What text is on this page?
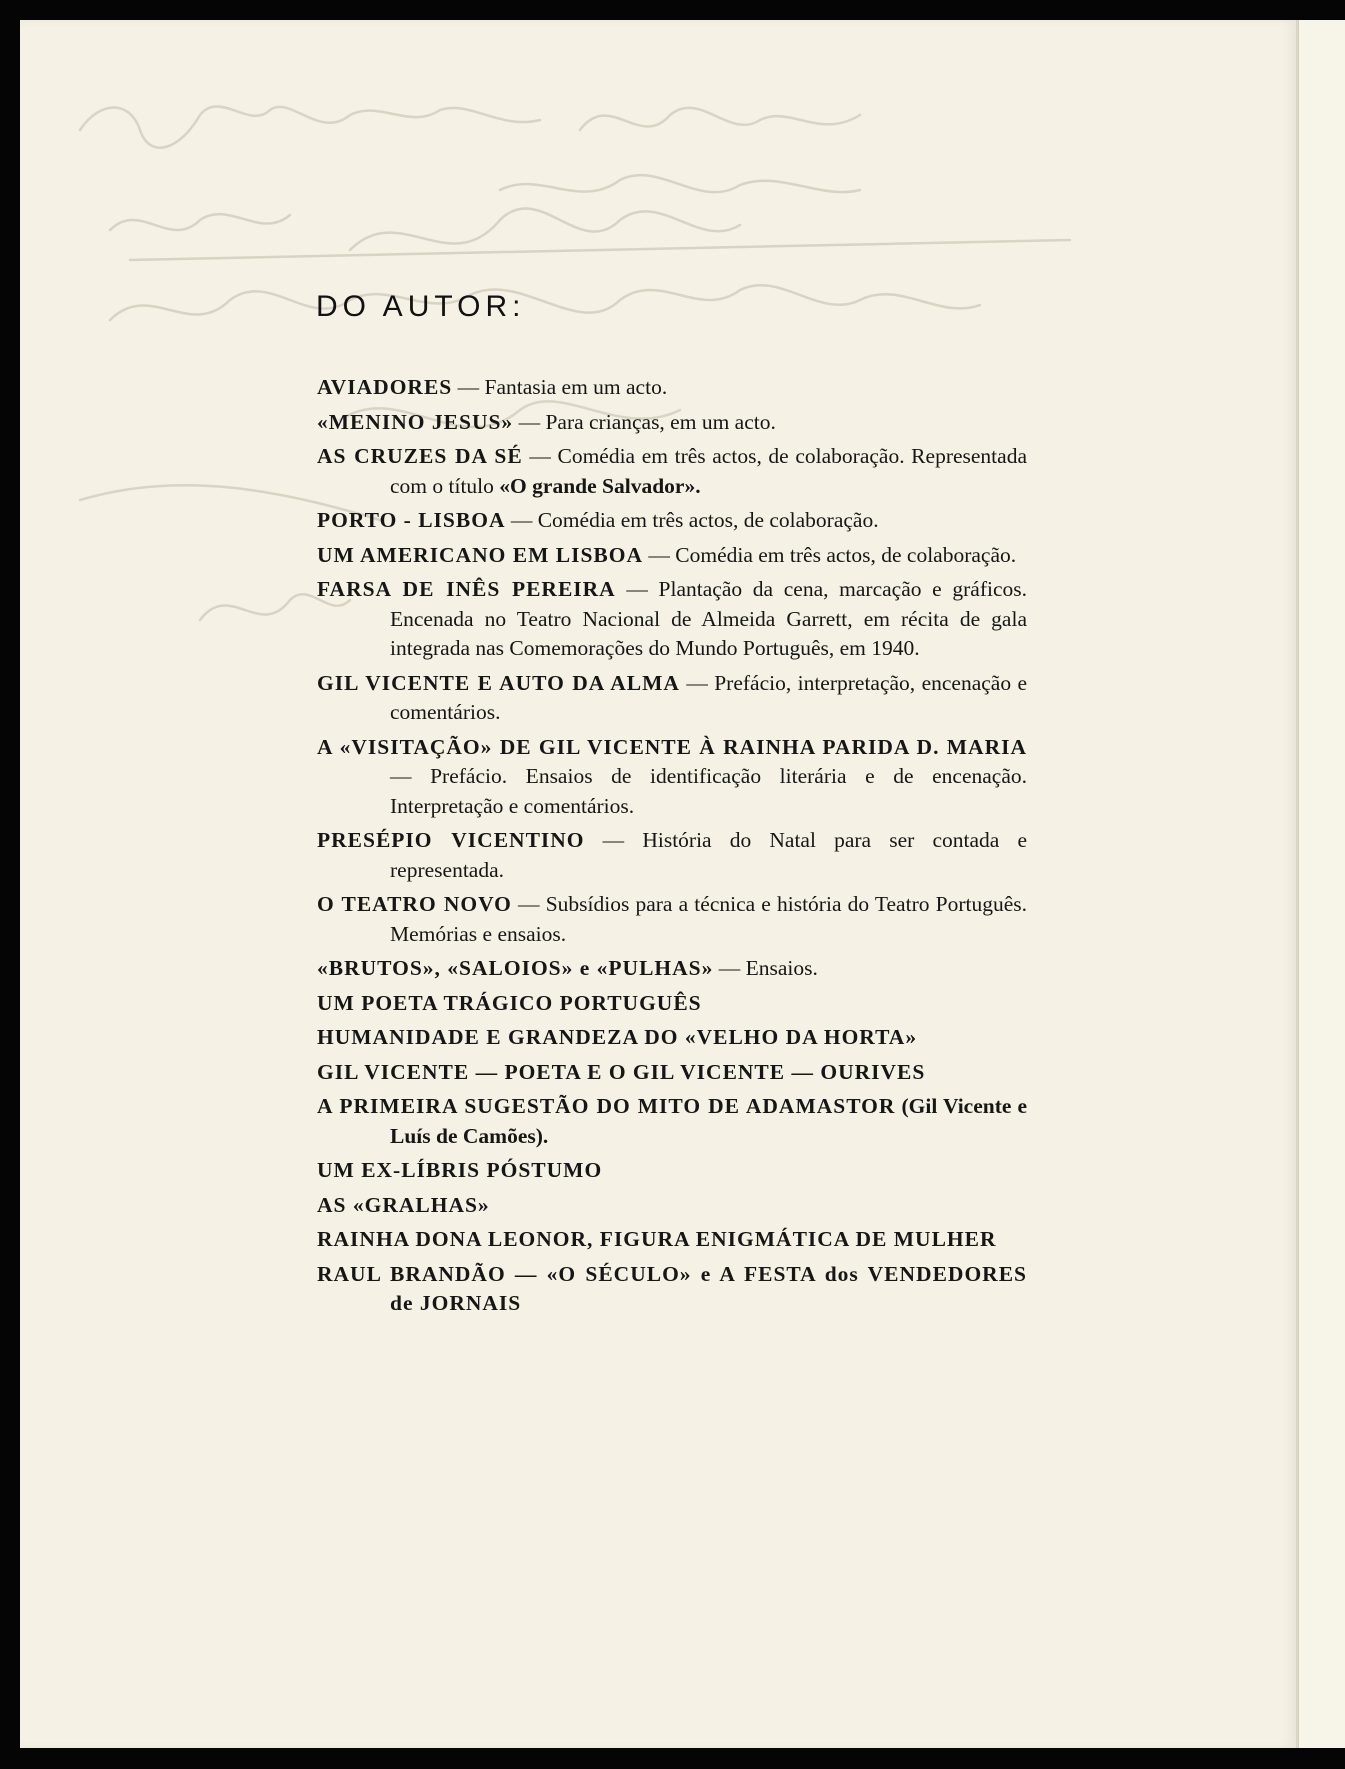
DO AUTOR:
AVIADORES — Fantasia em um acto.
«MENINO JESUS» — Para crianças, em um acto.
AS CRUZES DA SÉ — Comédia em três actos, de colaboração. Representada com o título «O grande Salvador».
PORTO - LISBOA — Comédia em três actos, de colaboração.
UM AMERICANO EM LISBOA — Comédia em três actos, de colaboração.
FARSA DE INÊS PEREIRA — Plantação da cena, marcação e gráficos. Encenada no Teatro Nacional de Almeida Garrett, em récita de gala integrada nas Comemorações do Mundo Português, em 1940.
GIL VICENTE E AUTO DA ALMA — Prefácio, interpretação, encenação e comentários.
A «VISITAÇÃO» DE GIL VICENTE À RAINHA PARIDA D. MARIA — Prefácio. Ensaios de identificação literária e de encenação. Interpretação e comentários.
PRESÉPIO VICENTINO — História do Natal para ser contada e representada.
O TEATRO NOVO — Subsídios para a técnica e história do Teatro Português. Memórias e ensaios.
«BRUTOS», «SALOIOS» e «PULHAS» — Ensaios.
UM POETA TRÁGICO PORTUGUÊS
HUMANIDADE E GRANDEZA DO «VELHO DA HORTA»
GIL VICENTE — POETA E O GIL VICENTE — OURIVES
A PRIMEIRA SUGESTÃO DO MITO DE ADAMASTOR (Gil Vicente e Luís de Camões).
UM EX-LÍBRIS PÓSTUMO
AS «GRALHAS»
RAINHA DONA LEONOR, FIGURA ENIGMÁTICA DE MULHER
RAUL BRANDÃO — «O SÉCULO» e A FESTA dos VENDEDORES de JORNAIS
